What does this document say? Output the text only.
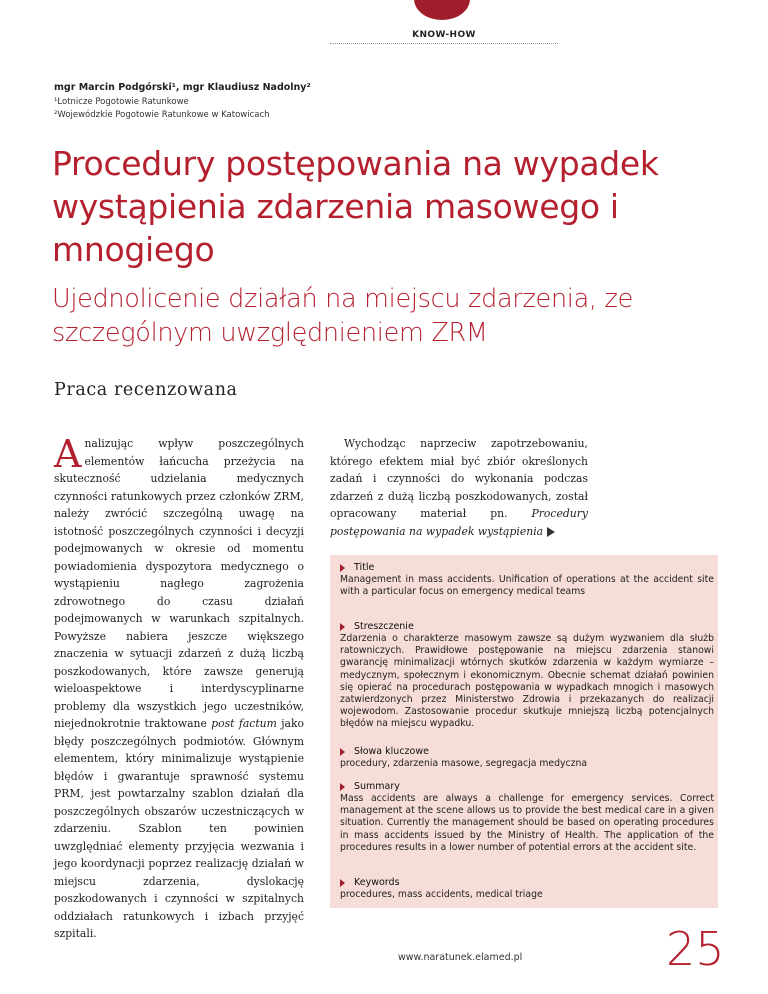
KNOW-HOW
mgr Marcin Podgórski¹, mgr Klaudiusz Nadolny²
¹Lotnicze Pogotowie Ratunkowe
²Wojewódzkie Pogotowie Ratunkowe w Katowicach
Procedury postępowania na wypadek wystąpienia zdarzenia masowego i mnogiego
Ujednolicenie działań na miejscu zdarzenia, ze szczególnym uwzględnieniem ZRM
Praca recenzowana

Analizując wpływ poszczególnych elementów łańcucha przeżycia na skuteczność udzielania medycznych czynności ratunkowych przez członków ZRM, należy zwrócić szczególną uwagę na istotność poszczególnych czynności i decyzji podejmowanych w okresie od momentu powiadomienia dyspozytora medycznego o wystąpieniu nagłego zagrożenia zdrowotnego do czasu działań podejmowanych w warunkach szpitalnych. Powyższe nabiera jeszcze większego znaczenia w sytuacji zdarzeń z dużą liczbą poszkodowanych, które zawsze generują wieloaspektowe i interdyscyplinarne problemy dla wszystkich jego uczestników, niejednokrotnie traktowane post factum jako błędy poszczególnych podmiotów. Głównym elementem, który minimalizuje wystąpienie błędów i gwarantuje sprawność systemu PRM, jest powtarzalny szablon działań dla poszczególnych obszarów uczestniczących w zdarzeniu. Szablon ten powinien uwzględniać elementy przyjęcia wezwania i jego koordynacji poprzez realizację działań w miejscu zdarzenia, dyslokację poszkodowanych i czynności w szpitalnych oddziałach ratunkowych i izbach przyjęć szpitali.

Wychodząc naprzeciw zapotrzebowaniu, którego efektem miał być zbiór określonych zadań i czynności do wykonania podczas zdarzeń z dużą liczbą poszkodowanych, został opracowany materiał pn. Procedury postępowania na wypadek wystąpienia

Title
Management in mass accidents. Unification of operations at the accident site with a particular focus on emergency medical teams
Streszczenie
Zdarzenia o charakterze masowym zawsze są dużym wyzwaniem dla służb ratowniczych. Prawidłowe postępowanie na miejscu zdarzenia stanowi gwarancję minimalizacji wtórnych skutków zdarzenia w każdym wymiarze – medycznym, społecznym i ekonomicznym. Obecnie schemat działań powinien się opierać na procedurach postępowania w wypadkach mnogich i masowych zatwierdzonych przez Ministerstwo Zdrowia i przekazanych do realizacji wojewodom. Zastosowanie procedur skutkuje mniejszą liczbą potencjalnych błędów na miejscu wypadku.
Słowa kluczowe
procedury, zdarzenia masowe, segregacja medyczna
Summary
Mass accidents are always a challenge for emergency services. Correct management at the scene allows us to provide the best medical care in a given situation. Currently the management should be based on operating procedures in mass accidents issued by the Ministry of Health. The application of the procedures results in a lower number of potential errors at the accident site.
Keywords
procedures, mass accidents, medical triage
www.naratunek.elamed.pl	25
